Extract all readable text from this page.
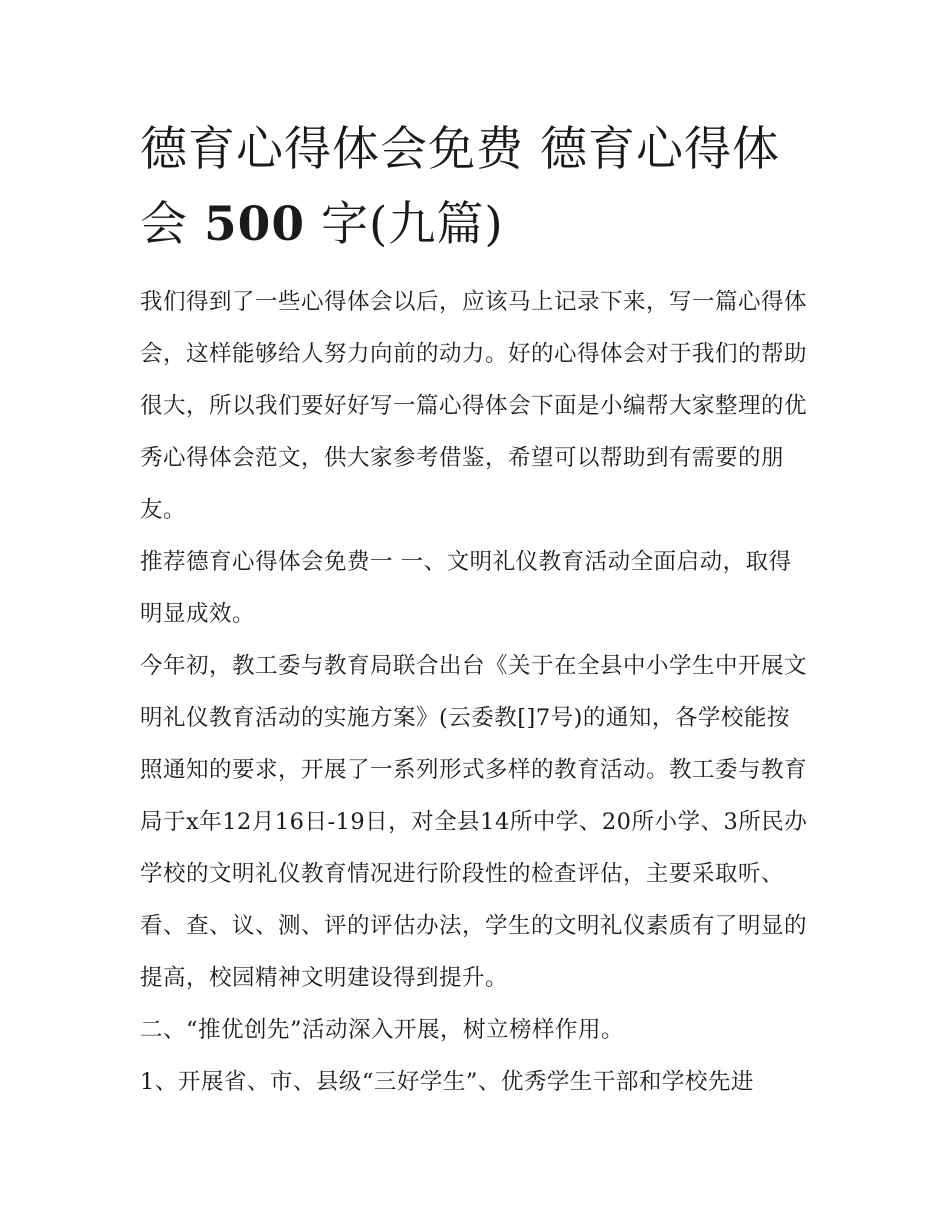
德育心得体会免费 德育心得体
会 500 字(九篇)

我们得到了一些心得体会以后，应该马上记录下来，写一篇心得体会，这样能够给人努力向前的动力。好的心得体会对于我们的帮助很大，所以我们要好好写一篇心得体会下面是小编帮大家整理的优秀心得体会范文，供大家参考借鉴，希望可以帮助到有需要的朋友。

推荐德育心得体会免费一 一、文明礼仪教育活动全面启动，取得明显成效。

今年初，教工委与教育局联合出台《关于在全县中小学生中开展文明礼仪教育活动的实施方案》(云委教[]7号)的通知，各学校能按照通知的要求，开展了一系列形式多样的教育活动。教工委与教育局于x年12月16日-19日，对全县14所中学、20所小学、3所民办学校的文明礼仪教育情况进行阶段性的检查评估，主要采取听、看、查、议、测、评的评估办法，学生的文明礼仪素质有了明显的提高，校园精神文明建设得到提升。

二、“推优创先”活动深入开展，树立榜样作用。

1、开展省、市、县级“三好学生”、优秀学生干部和学校先进
